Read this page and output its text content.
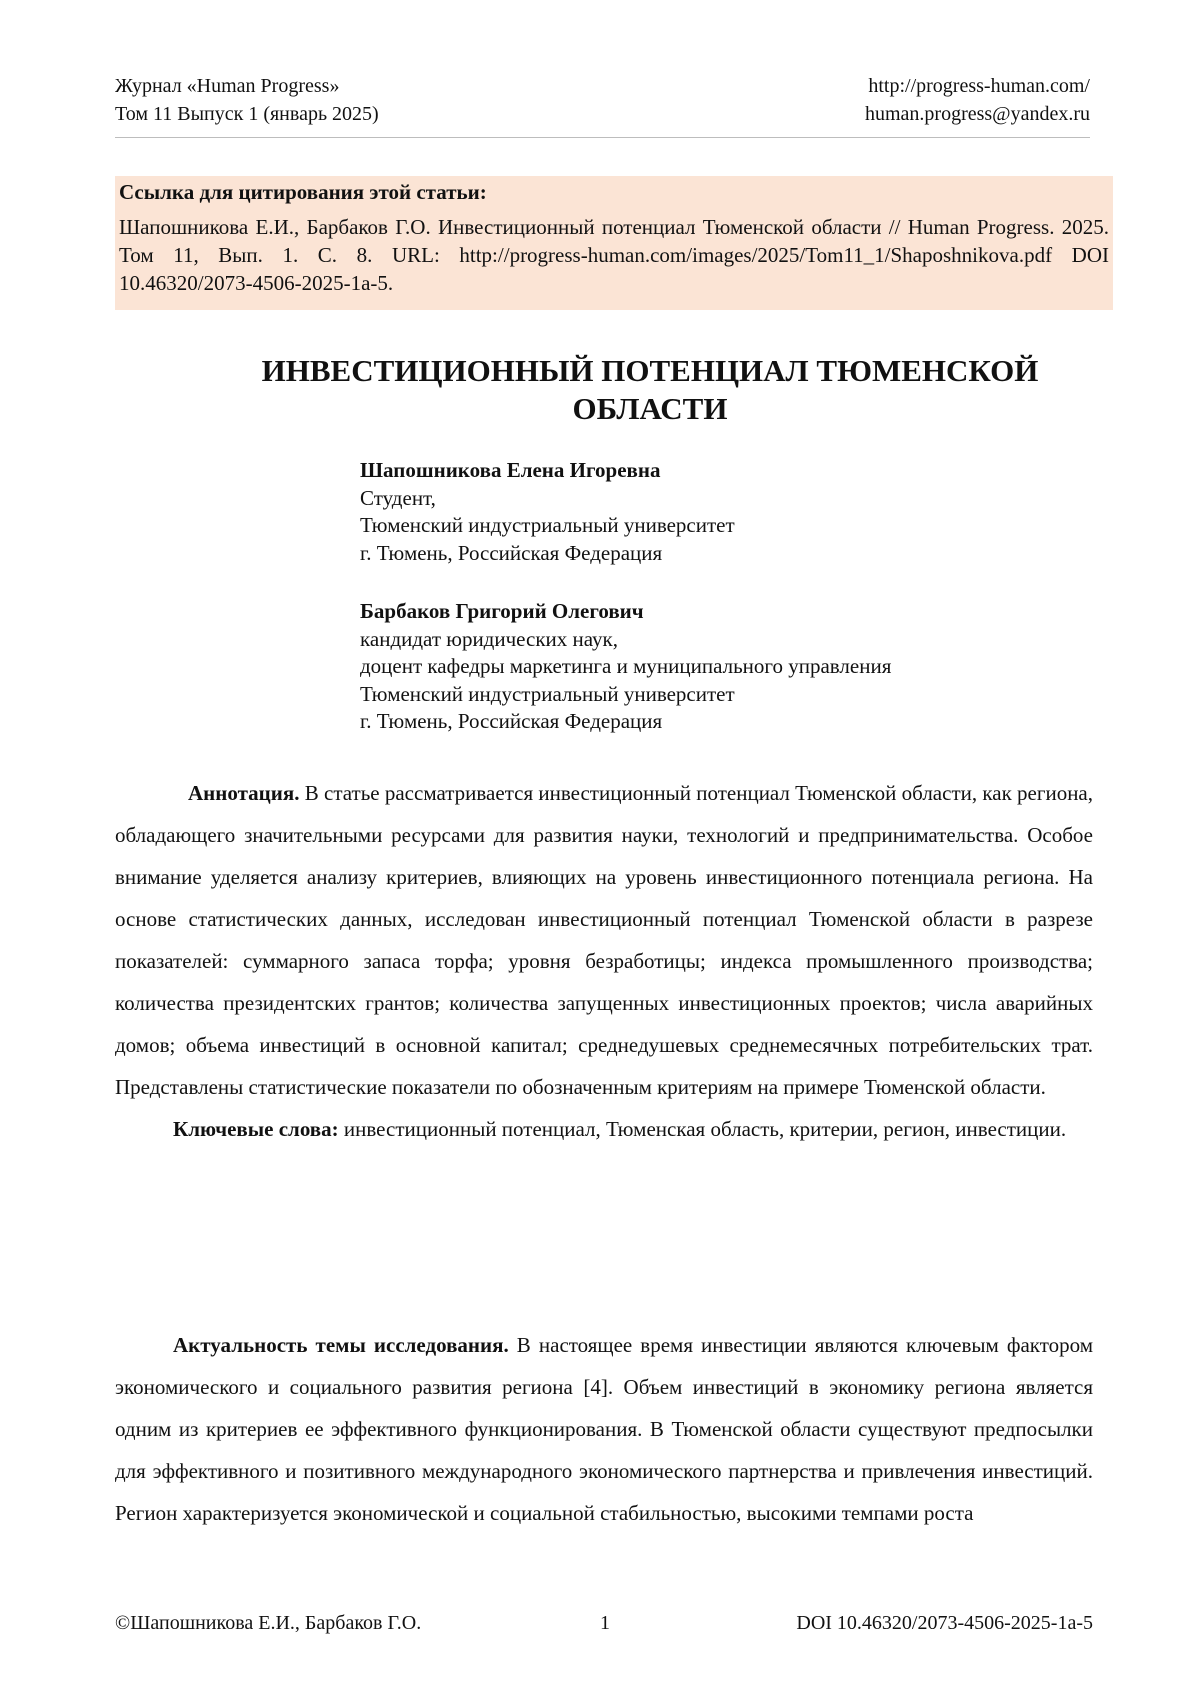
Журнал «Human Progress»	http://progress-human.com/
Том 11 Выпуск 1 (январь 2025)	human.progress@yandex.ru
Ссылка для цитирования этой статьи:
Шапошникова Е.И., Барбаков Г.О. Инвестиционный потенциал Тюменской области // Human Progress. 2025. Том 11, Вып. 1. С. 8. URL: http://progress-human.com/images/2025/Tom11_1/Shaposhnikova.pdf DOI 10.46320/2073-4506-2025-1a-5.
ИНВЕСТИЦИОННЫЙ ПОТЕНЦИАЛ ТЮМЕНСКОЙ
ОБЛАСТИ
Шапошникова Елена Игоревна
Студент,
Тюменский индустриальный университет
г. Тюмень, Российская Федерация
Барбаков Григорий Олегович
кандидат юридических наук,
доцент кафедры маркетинга и муниципального управления
Тюменский индустриальный университет
г. Тюмень, Российская Федерация

Аннотация. В статье рассматривается инвестиционный потенциал Тюменской области, как региона, обладающего значительными ресурсами для развития науки, технологий и предпринимательства. Особое внимание уделяется анализу критериев, влияющих на уровень инвестиционного потенциала региона. На основе статистических данных, исследован инвестиционный потенциал Тюменской области в разрезе показателей: суммарного запаса торфа; уровня безработицы; индекса промышленного производства; количества президентских грантов; количества запущенных инвестиционных проектов; числа аварийных домов; объема инвестиций в основной капитал; среднедушевых среднемесячных потребительских трат. Представлены статистические показатели по обозначенным критериям на примере Тюменской области.

Ключевые слова: инвестиционный потенциал, Тюменская область, критерии, регион, инвестиции.

Актуальность темы исследования. В настоящее время инвестиции являются ключевым фактором экономического и социального развития региона [4]. Объем инвестиций в экономику региона является одним из критериев ее эффективного функционирования. В Тюменской области существуют предпосылки для эффективного и позитивного международного экономического партнерства и привлечения инвестиций. Регион характеризуется экономической и социальной стабильностью, высокими темпами роста

©Шапошникова Е.И., Барбаков Г.О.	1	DOI 10.46320/2073-4506-2025-1a-5
